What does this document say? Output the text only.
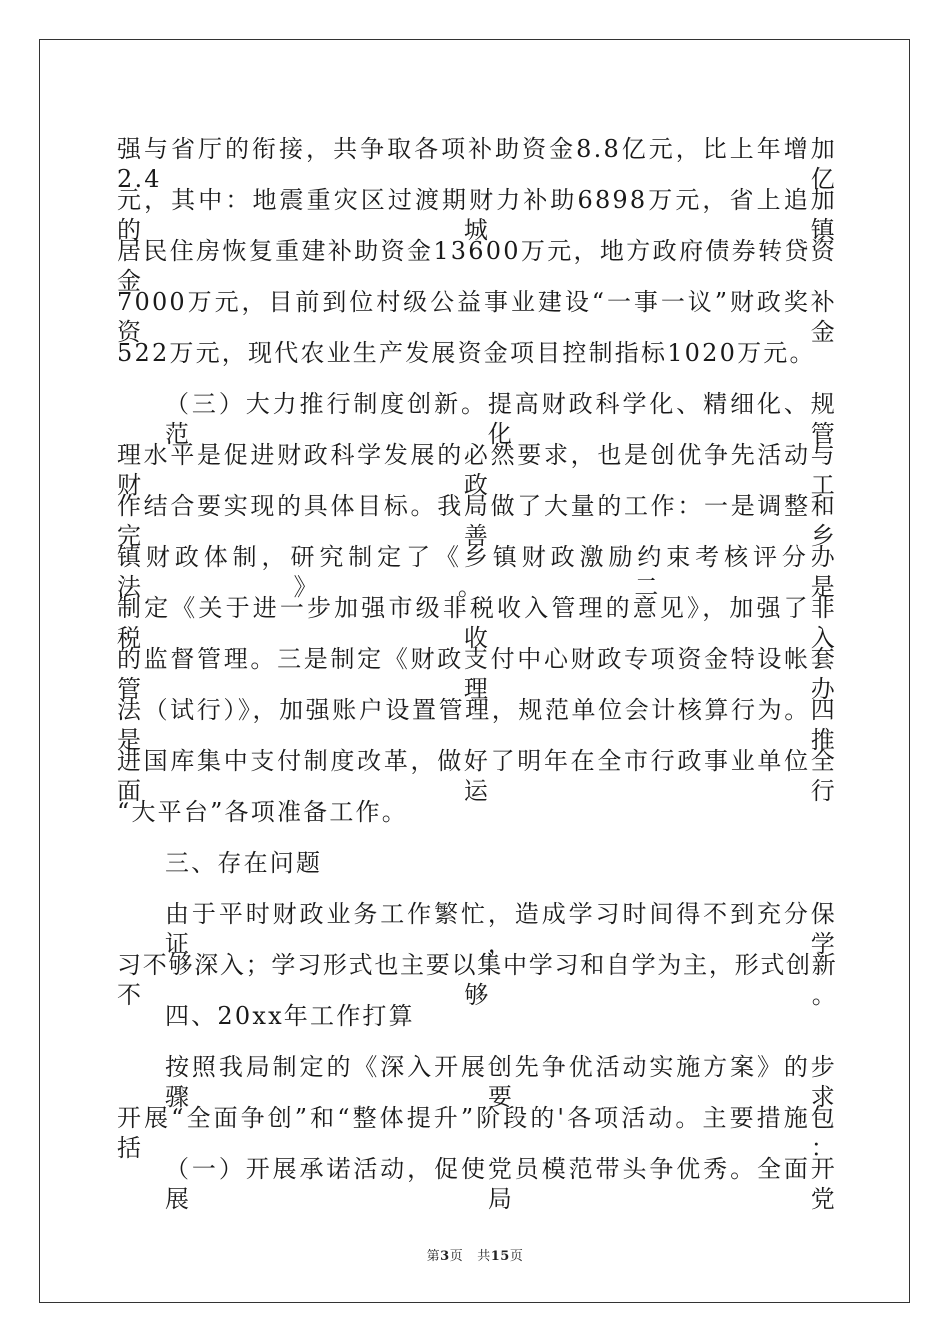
强与省厅的衔接，共争取各项补助资金8.8亿元，比上年增加2.4亿
元，其中：地震重灾区过渡期财力补助6898万元，省上追加的城镇
居民住房恢复重建补助资金13600万元，地方政府债券转贷资金
7000万元，目前到位村级公益事业建设“一事一议”财政奖补资金
522万元，现代农业生产发展资金项目控制指标1020万元。
（三）大力推行制度创新。提高财政科学化、精细化、规范化管
理水平是促进财政科学发展的必然要求，也是创优争先活动与财政工
作结合要实现的具体目标。我局做了大量的工作：一是调整和完善乡
镇财政体制，研究制定了《乡镇财政激励约束考核评分办法》。二是
制定《关于进一步加强市级非税收入管理的意见》，加强了非税收入
的监督管理。三是制定《财政支付中心财政专项资金特设帐套管理办
法（试行）》，加强账户设置管理，规范单位会计核算行为。四是推
进国库集中支付制度改革，做好了明年在全市行政事业单位全面运行
“大平台”各项准备工作。
三、存在问题
由于平时财政业务工作繁忙，造成学习时间得不到充分保证，学
习不够深入；学习形式也主要以集中学习和自学为主，形式创新不够。
四、20xx年工作打算
按照我局制定的《深入开展创先争优活动实施方案》的步骤要求
开展“全面争创”和“整体提升”阶段的'各项活动。主要措施包括：
（一）开展承诺活动，促使党员模范带头争优秀。全面开展局党
第3页 共15页
